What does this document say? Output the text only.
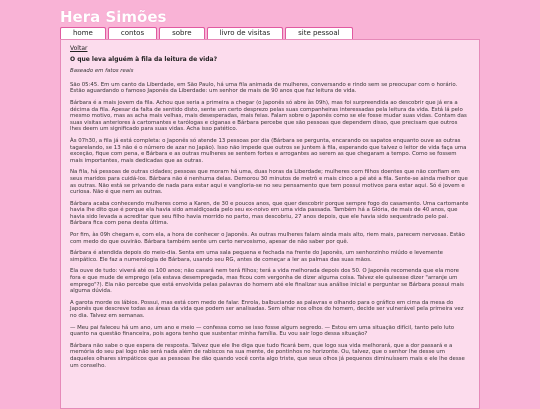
Hera Simões
home	contos	sobre	livro de visitas	site pessoal
Voltar
O que leva alguém à fila da leitura de vida?
Baseado em fatos reais

São 05:45. Em um canto da Liberdade, em São Paulo, há uma fila animada de mulheres, conversando e rindo sem se preocupar com o horário. Estão aguardando o famoso Japonês da Liberdade: um senhor de mais de 90 anos que faz leitura de vida.

Bárbara é a mais jovem da fila. Achou que seria a primeira a chegar (o Japonês só abre às 09h), mas foi surpreendida ao descobrir que já era a décima da fila. Apesar da falta de sentido disto, sente um certo desprezo pelas suas companheiras interessadas pela leitura da vida. Está lá pelo mesmo motivo, mas as acha mais velhas, mais desesperadas, mais feias. Falam sobre o Japonês como se ele fosse mudar suas vidas. Contam das suas visitas anteriores à cartomantes e tarólogas e ciganas e Bárbara percebe que são pessoas que dependem disso, que precisam que outros lhes deem um significado para suas vidas. Acha isso patético.

Às 07h30, a fila já está completa: o Japonês só atende 13 pessoas por dia (Bárbara se pergunta, encarando os sapatos enquanto ouve as outras tagarelando, se 13 não é o número de azar no Japão). Isso não impede que outros se juntem à fila, esperando que talvez o leitor de vida faça uma exceção, fique com pena, e Bárbara e as outras mulheres se sentem fortes e arrogantes ao serem as que chegaram a tempo. Como se fossem mais importantes, mais dedicadas que as outras.

Na fila, há pessoas de outras cidades; pessoas que moram há uma, duas horas da Liberdade; mulheres com filhos doentes que não confiam em seus maridos para cuidá-los. Bárbara não é nenhuma delas. Demorou 30 minutos de metrô e mais cinco a pé até a fila. Sente-se ainda melhor que as outras. Não está se privando de nada para estar aqui e vangloria-se no seu pensamento que tem possui motivos para estar aqui. Só é jovem e curiosa. Não é que nem as outras.

Bárbara acaba conhecendo mulheres como a Karen, de 30 e poucos anos, que quer descobrir porque sempre fogo do casamento. Uma cartomante havia lhe dito que é porque ela havia sido amaldiçoada pelo seu ex-noivo em uma vida passada. Também há a Glória, de mais de 40 anos, que havia sido levada a acreditar que seu filho havia morrido no parto, mas descobriu, 27 anos depois, que ele havia sido sequestrado pelo pai. Bárbara fica com pena desta última.

Por fim, às 09h chegam e, com ela, a hora de conhecer o Japonês. As outras mulheres falam ainda mais alto, riem mais, parecem nervosas. Estão com medo do que ouvirão. Bárbara também sente um certo nervosismo, apesar de não saber por quê.

Bárbara é atendida depois do meio-dia. Senta em uma sala pequena e fechada na frente do Japonês, um senhorzinho miúdo e levemente simpático. Ele faz a numerologia de Bárbara, usando seu RG, antes de começar a ler as palmas das suas mãos.

Ela ouve de tudo: viverá até os 100 anos; não casará nem terá filhos; terá a vida melhorada depois dos 50. O Japonês recomenda que ela more fora e que mude de emprego (ela estava desempregada, mas ficou com vergonha de dizer alguma coisa. Talvez ele quisesse dizer "arranje um emprego"?). Ela não percebe que está envolvida pelas palavras do homem até ele finalizar sua análise inicial e perguntar se Bárbara possui mais alguma dúvida.

A garota morde os lábios. Possui, mas está com medo de falar. Enrola, balbuciando as palavras e olhando para o gráfico em cima da mesa do Japonês que descreve todas as áreas da vida que podem ser analisadas. Sem olhar nos olhos do homem, decide ser vulnerável pela primeira vez no dia. Talvez em semanas.

— Meu pai faleceu há um ano, um ano e meio — confessa como se isso fosse algum segredo. — Estou em uma situação difícil, tanto pelo luto quanto na questão financeira, pois agora tenho que sustentar minha família. Eu vou sair logo dessa situação?

Bárbara não sabe o que espera de resposta. Talvez que ele lhe diga que tudo ficará bem, que logo sua vida melhorará, que a dor passará e a memória do seu pai logo não será nada além de rabiscos na sua mente, de pontinhos no horizonte. Ou, talvez, que o senhor lhe desse um daqueles olhares simpáticos que as pessoas lhe dão quando você conta algo triste, que seus olhos já pequenos diminuíssem mais e ele lhe desse um conselho.
